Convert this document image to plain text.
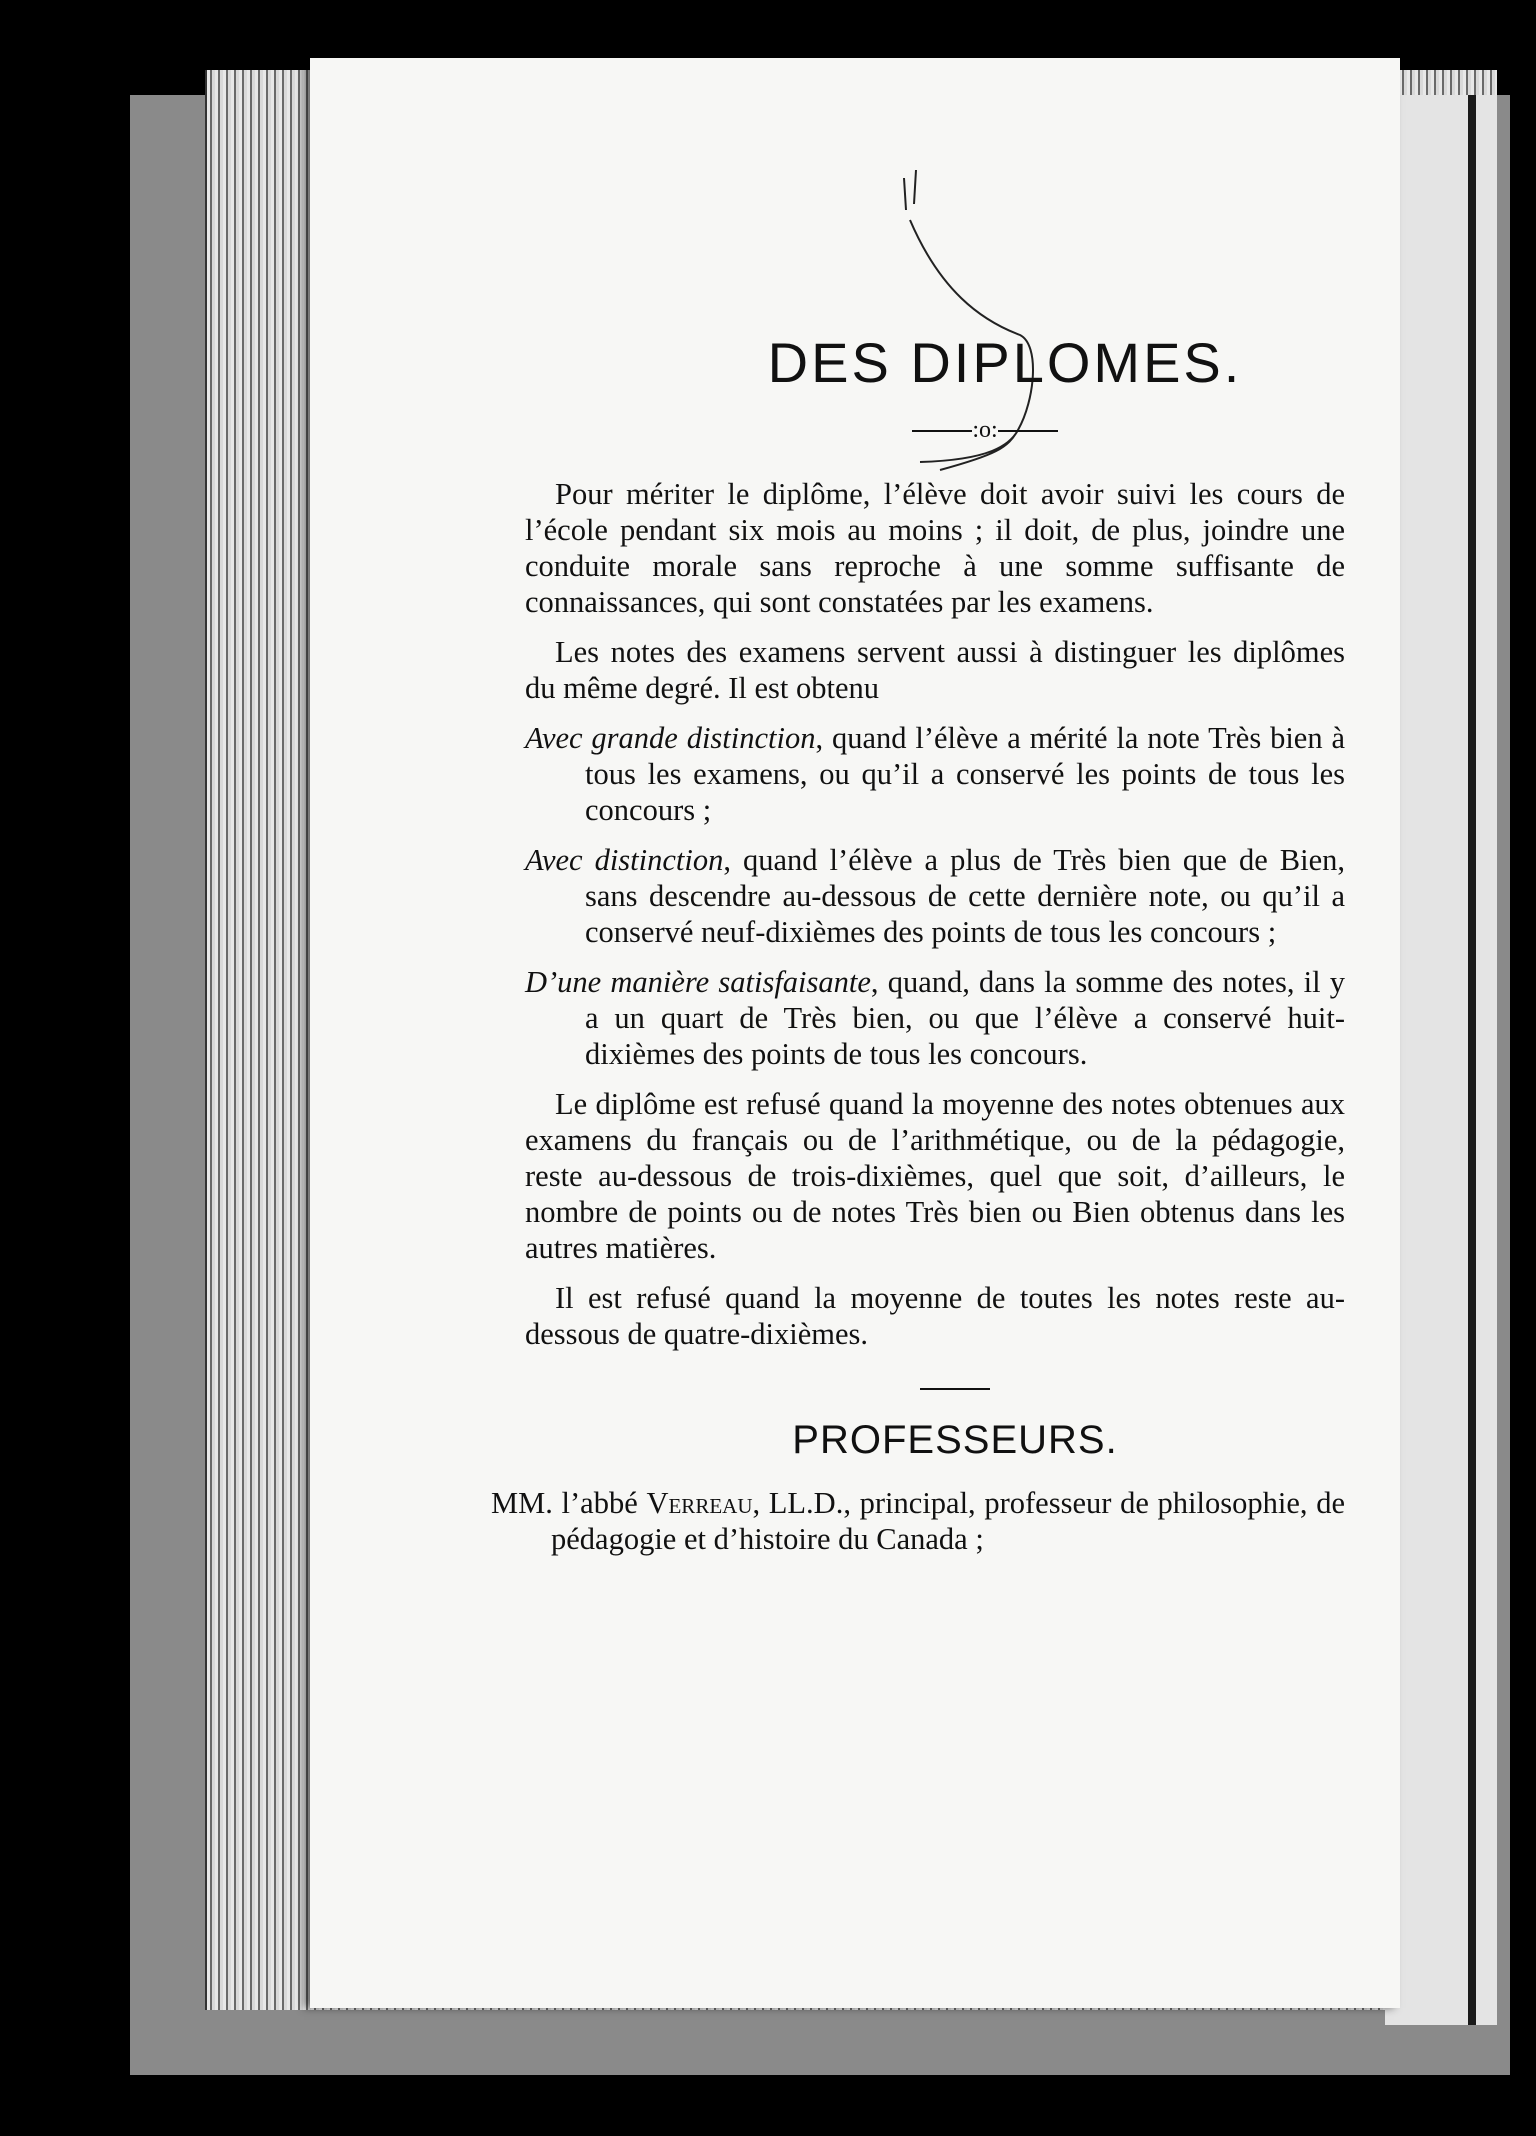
DES DIPLOMES.
:o:

Pour mériter le diplôme, l’élève doit avoir suivi les cours de l’école pendant six mois au moins ; il doit, de plus, joindre une conduite morale sans reproche à une somme suffisante de connaissances, qui sont constatées par les examens.

Les notes des examens servent aussi à distinguer les diplômes du même degré. Il est obtenu

Avec grande distinction, quand l’élève a mérité la note Très bien à tous les examens, ou qu’il a conservé les points de tous les concours ;

Avec distinction, quand l’élève a plus de Très bien que de Bien, sans descendre au-dessous de cette dernière note, ou qu’il a conservé neuf-dixièmes des points de tous les concours ;

D’une manière satisfaisante, quand, dans la somme des notes, il y a un quart de Très bien, ou que l’élève a conservé huit-dixièmes des points de tous les concours.

Le diplôme est refusé quand la moyenne des notes obtenues aux examens du français ou de l’arithmétique, ou de la pédagogie, reste au-dessous de trois-dixièmes, quel que soit, d’ailleurs, le nombre de points ou de notes Très bien ou Bien obtenus dans les autres matières.

Il est refusé quand la moyenne de toutes les notes reste au-dessous de quatre-dixièmes.

PROFESSEURS.

MM. l’abbé Verreau, LL.D., principal, professeur de philosophie, de pédagogie et d’histoire du Canada ;
